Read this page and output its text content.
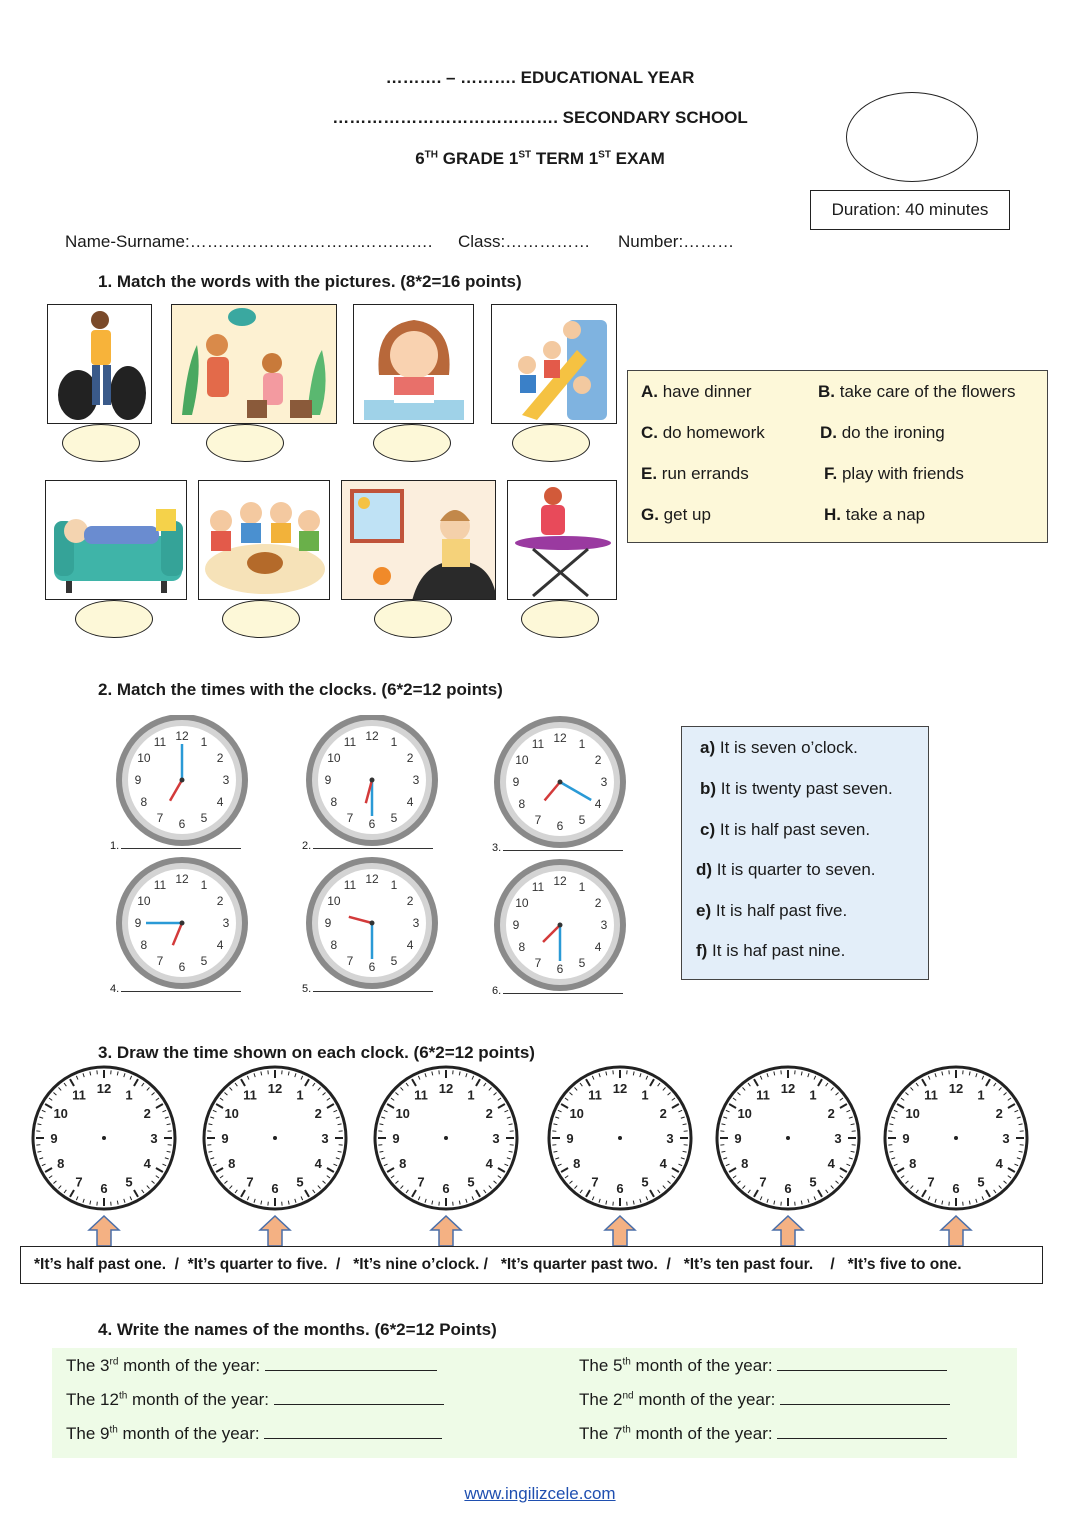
………. – ………. EDUCATIONAL YEAR
…………………………………. SECONDARY SCHOOL
6TH GRADE 1ST TERM 1ST EXAM
Duration: 40 minutes
Name-Surname:……………………………………. Class:…………… Number:………
1. Match the words with the pictures. (8*2=16 points)
A. have dinner	B. take care of the flowers
C. do homework	D. do the ironing
E. run errands	F. play with friends
G. get up	H. take a nap
2. Match the times with the clocks. (6*2=12 points)
1
2
3
4
5
6
7
8
9
10
11 12	1
2
3
4
5
6
7
8
9
10
11 12
1
2
3
4
5
6
7
8
9
10
11 12
1
2
3
4
5
6
7
8
9
10
11 12	1
2
3
4
5
6
7
8
9
10
11 12
1
2
3
4
5
6
7
8
9
10
11 12
1.	2.	3.
4.	5.	6.
a) It is seven o’clock.
b) It is twenty past seven.
c) It is half past seven.
d) It is quarter to seven.
e) It is half past five.
f) It is haf past nine.
3. Draw the time shown on each clock. (6*2=12 points)
1
2
3
4
5
6
7
8
9
10
11 12	1
2
3
4
5
6
7
8
9
10
11 12	1
2
3
4
5
6
7
8
9
10
11 12	1
2
3
4
5
6
7
8
9
10
11 12	1
2
3
4
5
6
7
8
9
10
11 12	1
2
3
4
5
6
7
8
9
10
11 12
*It’s half past one.  /  *It’s quarter to five.  /   *It’s nine o’clock. /   *It’s quarter past two.  /   *It’s ten past four.    /   *It’s five to one.
4. Write the names of the months. (6*2=12 Points)
The 3rd month of the year:
The 12th month of the year:
The 9th month of the year:
The 5th month of the year:
The 2nd month of the year:
The 7th month of the year:
www.ingilizcele.com
